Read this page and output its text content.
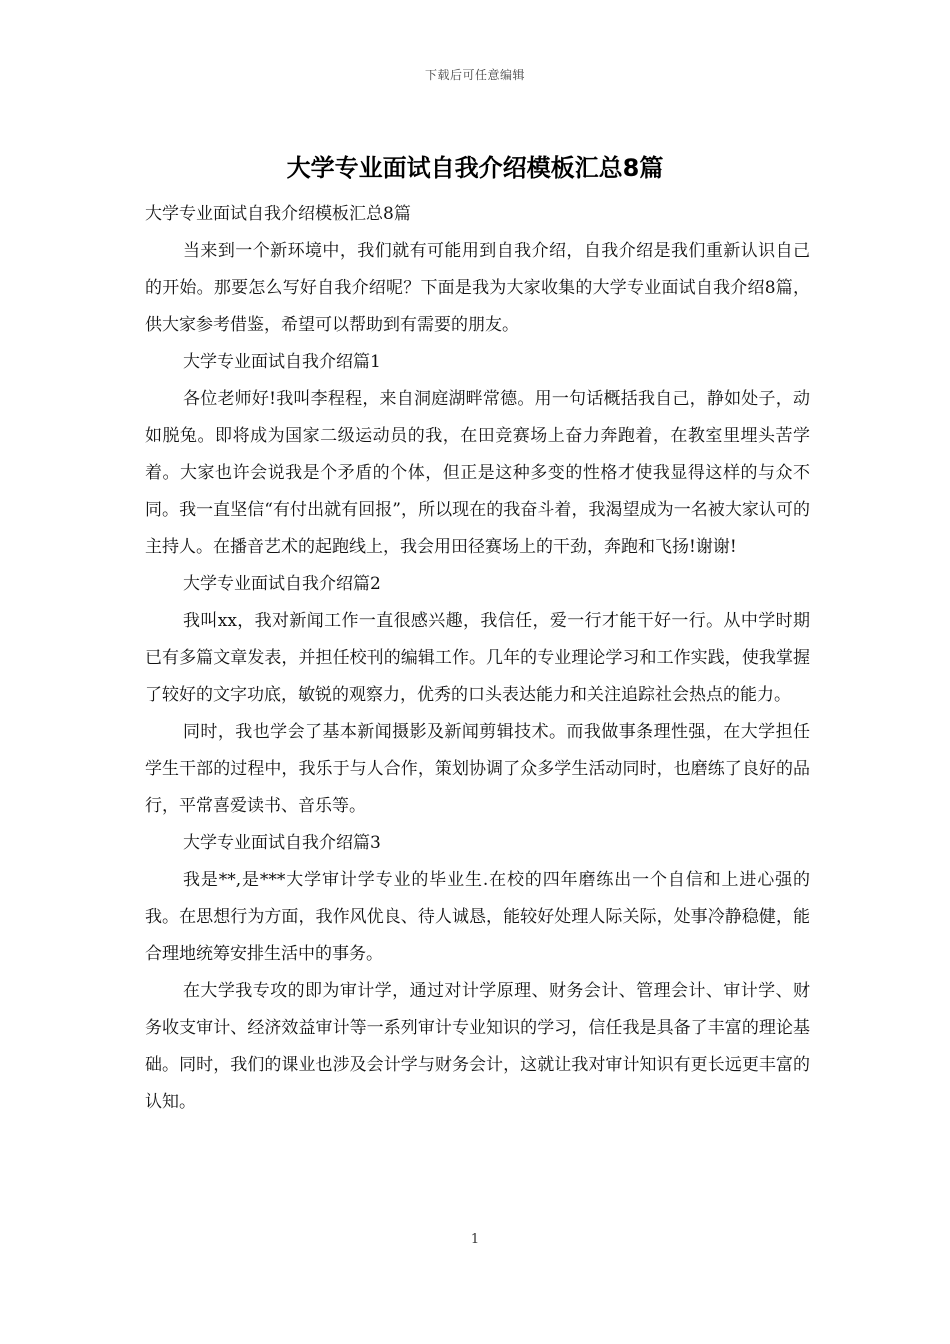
下载后可任意编辑
大学专业面试自我介绍模板汇总8篇

大学专业面试自我介绍模板汇总8篇

当来到一个新环境中，我们就有可能用到自我介绍，自我介绍是我们重新认识自己的开始。那要怎么写好自我介绍呢？下面是我为大家收集的大学专业面试自我介绍8篇，供大家参考借鉴，希望可以帮助到有需要的朋友。

大学专业面试自我介绍篇1

各位老师好!我叫李程程，来自洞庭湖畔常德。用一句话概括我自己，静如处子，动如脱兔。即将成为国家二级运动员的我，在田竞赛场上奋力奔跑着，在教室里埋头苦学着。大家也许会说我是个矛盾的个体，但正是这种多变的性格才使我显得这样的与众不同。我一直坚信“有付出就有回报”，所以现在的我奋斗着，我渴望成为一名被大家认可的主持人。在播音艺术的起跑线上，我会用田径赛场上的干劲，奔跑和飞扬!谢谢!

大学专业面试自我介绍篇2

我叫xx，我对新闻工作一直很感兴趣，我信任，爱一行才能干好一行。从中学时期已有多篇文章发表，并担任校刊的编辑工作。几年的专业理论学习和工作实践，使我掌握了较好的文字功底，敏锐的观察力，优秀的口头表达能力和关注追踪社会热点的能力。

同时，我也学会了基本新闻摄影及新闻剪辑技术。而我做事条理性强，在大学担任学生干部的过程中，我乐于与人合作，策划协调了众多学生活动同时，也磨练了良好的品行，平常喜爱读书、音乐等。

大学专业面试自我介绍篇3

我是**,是***大学审计学专业的毕业生.在校的四年磨练出一个自信和上进心强的我。在思想行为方面，我作风优良、待人诚恳，能较好处理人际关际，处事冷静稳健，能合理地统筹安排生活中的事务。

在大学我专攻的即为审计学，通过对计学原理、财务会计、管理会计、审计学、财务收支审计、经济效益审计等一系列审计专业知识的学习，信任我是具备了丰富的理论基础。同时，我们的课业也涉及会计学与财务会计，这就让我对审计知识有更长远更丰富的认知。

1
